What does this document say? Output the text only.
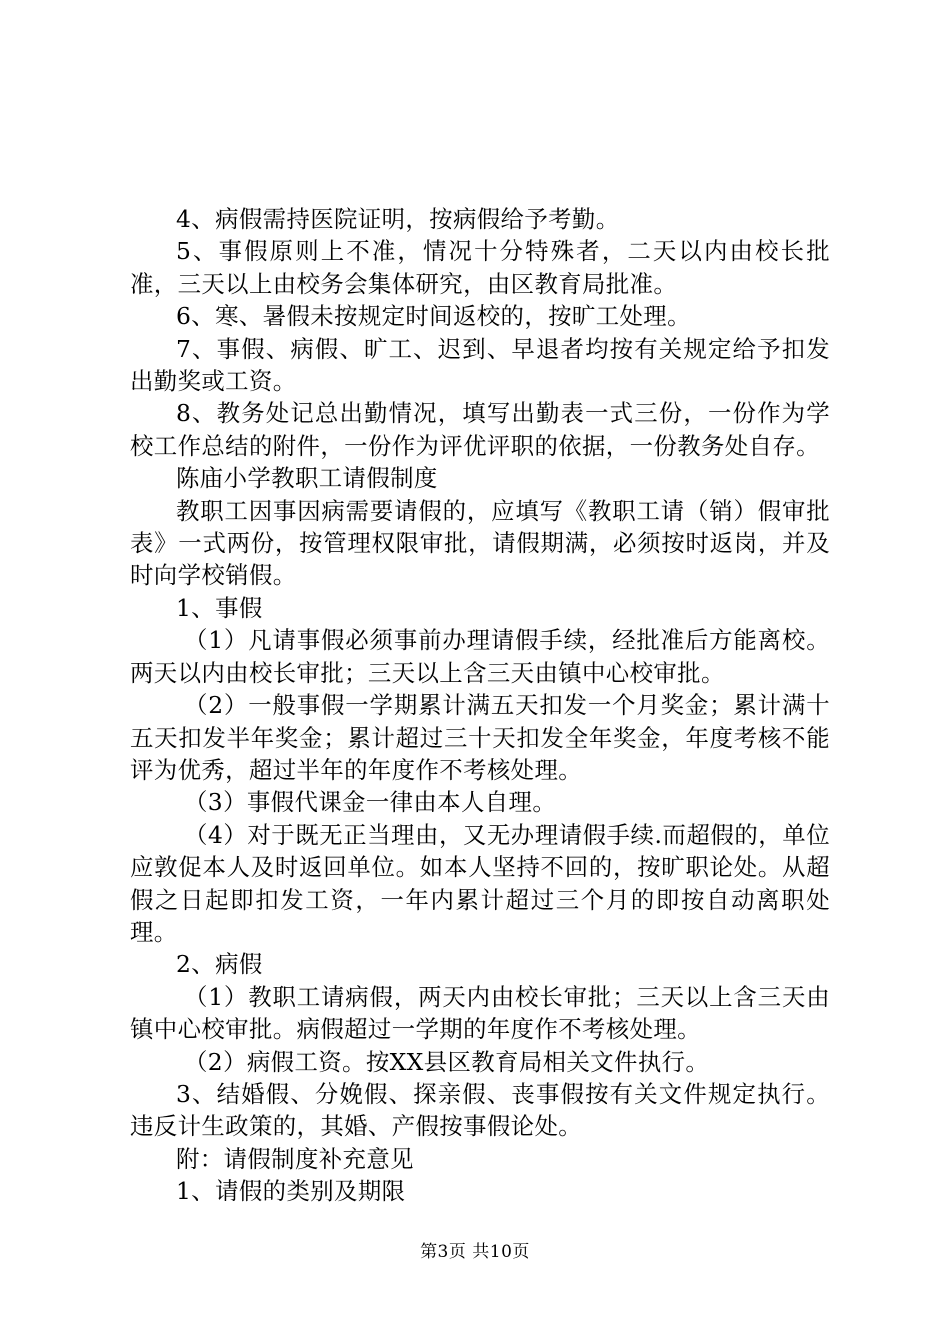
4、病假需持医院证明，按病假给予考勤。

5、事假原则上不准，情况十分特殊者，二天以内由校长批准，三天以上由校务会集体研究，由区教育局批准。

6、寒、暑假未按规定时间返校的，按旷工处理。

7、事假、病假、旷工、迟到、早退者均按有关规定给予扣发出勤奖或工资。

8、教务处记总出勤情况，填写出勤表一式三份，一份作为学校工作总结的附件，一份作为评优评职的依据，一份教务处自存。

陈庙小学教职工请假制度

教职工因事因病需要请假的，应填写《教职工请（销）假审批表》一式两份，按管理权限审批，请假期满，必须按时返岗，并及时向学校销假。

1、事假

（1）凡请事假必须事前办理请假手续，经批准后方能离校。两天以内由校长审批；三天以上含三天由镇中心校审批。

（2）一般事假一学期累计满五天扣发一个月奖金；累计满十五天扣发半年奖金；累计超过三十天扣发全年奖金，年度考核不能评为优秀，超过半年的年度作不考核处理。

（3）事假代课金一律由本人自理。

（4）对于既无正当理由，又无办理请假手续.而超假的，单位应敦促本人及时返回单位。如本人坚持不回的，按旷职论处。从超假之日起即扣发工资，一年内累计超过三个月的即按自动离职处理。

2、病假

（1）教职工请病假，两天内由校长审批；三天以上含三天由镇中心校审批。病假超过一学期的年度作不考核处理。

（2）病假工资。按XX县区教育局相关文件执行。

3、结婚假、分娩假、探亲假、丧事假按有关文件规定执行。违反计生政策的，其婚、产假按事假论处。

附：请假制度补充意见

1、请假的类别及期限

第3页 共10页
